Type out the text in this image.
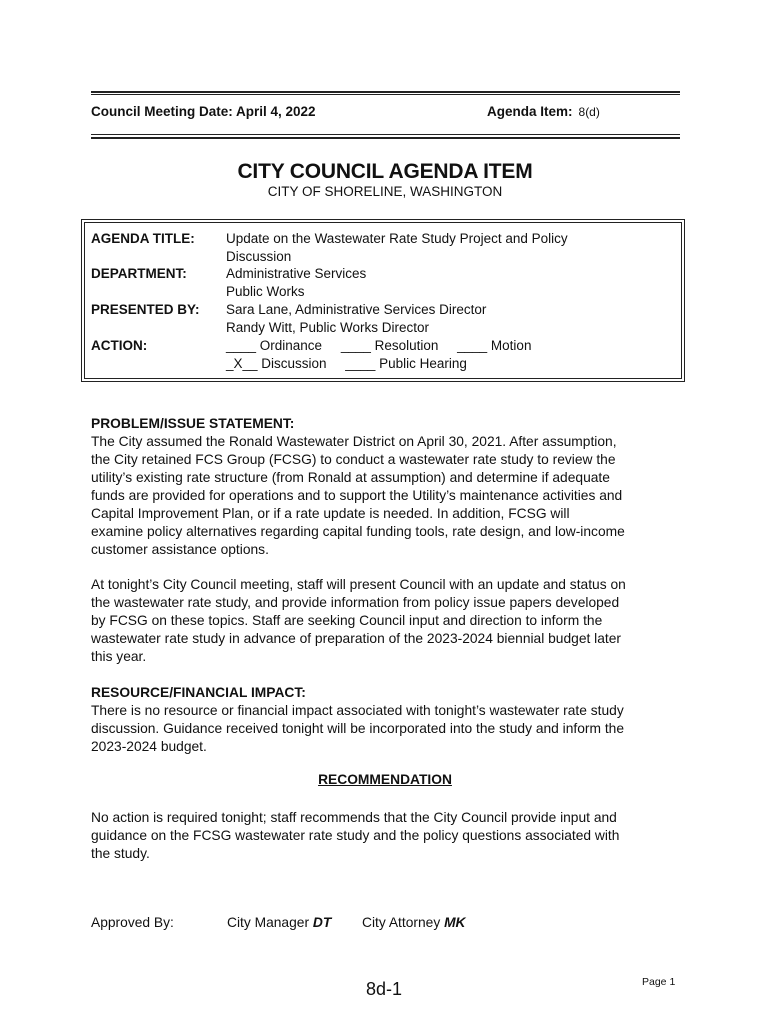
Council Meeting Date: April 4, 2022	Agenda Item: 8(d)
CITY COUNCIL AGENDA ITEM
CITY OF SHORELINE, WASHINGTON
AGENDA TITLE: Update on the Wastewater Rate Study Project and Policy
Discussion
DEPARTMENT:	Administrative Services
Public Works
PRESENTED BY: Sara Lane, Administrative Services Director
Randy Witt, Public Works Director
ACTION:	____ Ordinance     ____ Resolution     ____ Motion
_X__ Discussion     ____ Public Hearing
PROBLEM/ISSUE STATEMENT:
The City assumed the Ronald Wastewater District on April 30, 2021. After assumption,
the City retained FCS Group (FCSG) to conduct a wastewater rate study to review the
utility’s existing rate structure (from Ronald at assumption) and determine if adequate
funds are provided for operations and to support the Utility’s maintenance activities and
Capital Improvement Plan, or if a rate update is needed. In addition, FCSG will
examine policy alternatives regarding capital funding tools, rate design, and low-income
customer assistance options.
At tonight’s City Council meeting, staff will present Council with an update and status on
the wastewater rate study, and provide information from policy issue papers developed
by FCSG on these topics. Staff are seeking Council input and direction to inform the
wastewater rate study in advance of preparation of the 2023-2024 biennial budget later
this year.
RESOURCE/FINANCIAL IMPACT:
There is no resource or financial impact associated with tonight’s wastewater rate study
discussion. Guidance received tonight will be incorporated into the study and inform the
2023-2024 budget.
RECOMMENDATION
No action is required tonight; staff recommends that the City Council provide input and
guidance on the FCSG wastewater rate study and the policy questions associated with
the study.
Approved By:	City Manager DT City Attorney MK
8d-1	Page 1
